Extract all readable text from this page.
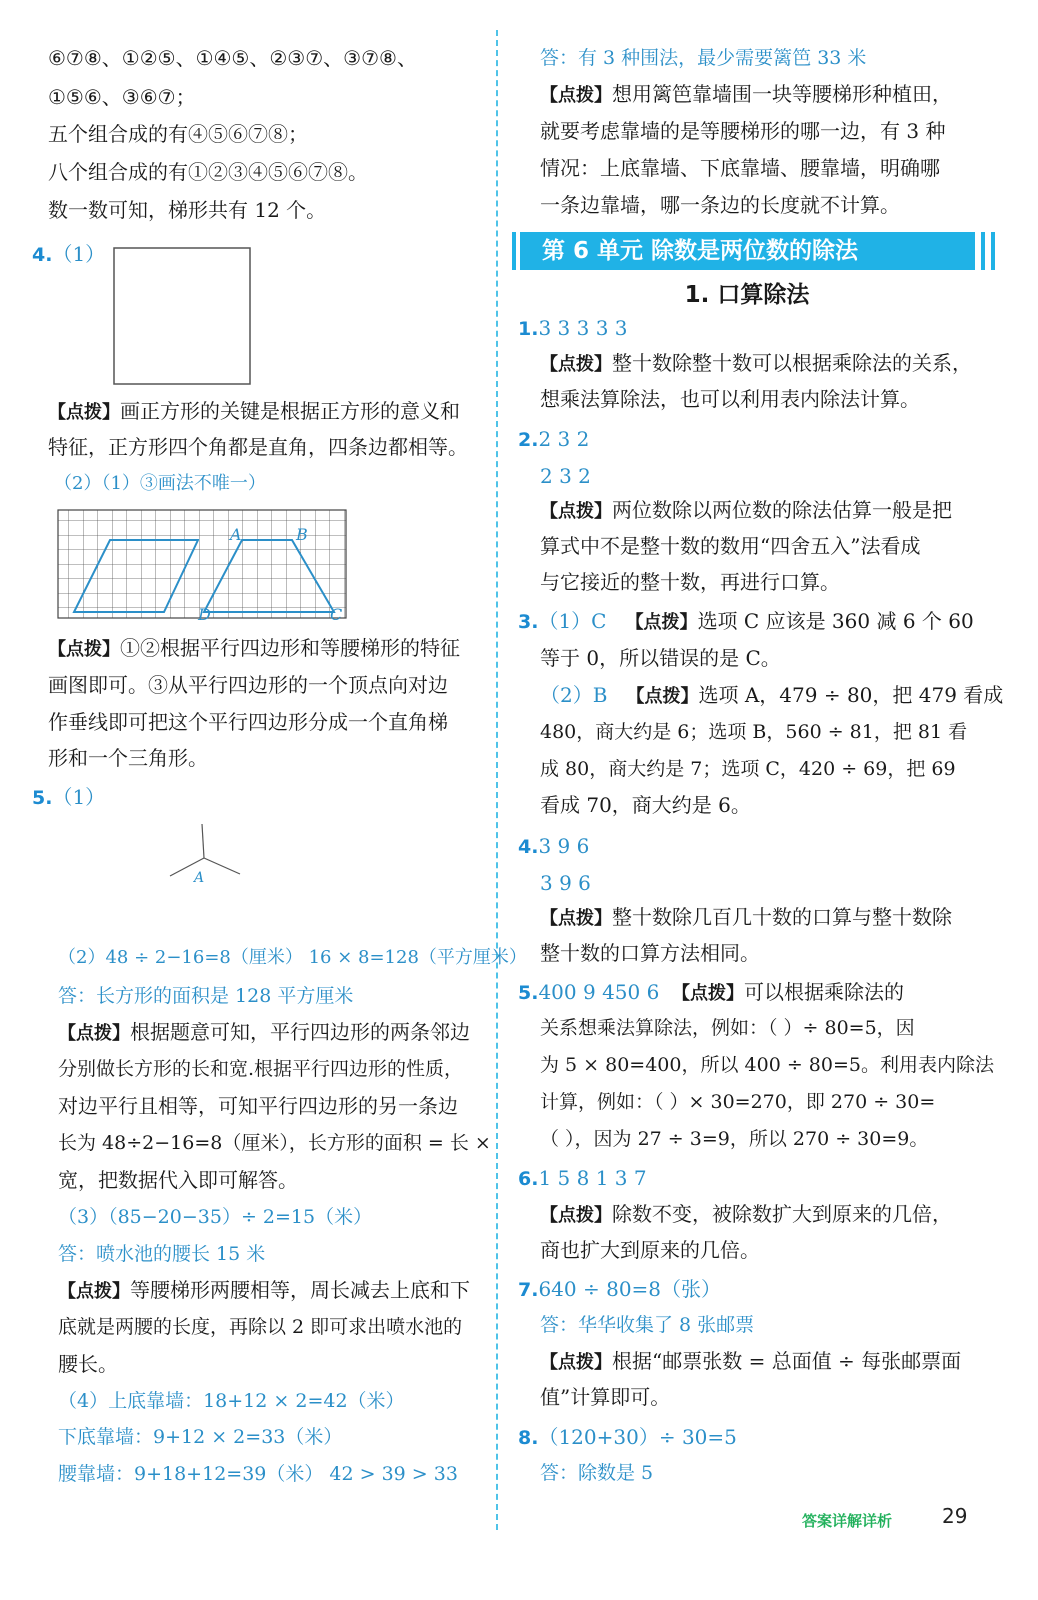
⑥⑦⑧、①②⑤、①④⑤、②③⑦、③⑦⑧、
①⑤⑥、③⑥⑦；
五个组合成的有④⑤⑥⑦⑧；
八个组合成的有①②③④⑤⑥⑦⑧。
数一数可知，梯形共有 12 个。
4.（1）
【点拨】画正方形的关键是根据正方形的意义和
特征，正方形四个角都是直角，四条边都相等。
（2）（1）③画法不唯一）
A	B
C
D
【点拨】①②根据平行四边形和等腰梯形的特征
画图即可。③从平行四边形的一个顶点向对边
作垂线即可把这个平行四边形分成一个直角梯
形和一个三角形。
5.（1）
A
（2）48 ÷ 2−16=8（厘米） 16 × 8=128（平方厘米）
答：长方形的面积是 128 平方厘米
【点拨】根据题意可知，平行四边形的两条邻边
分别做长方形的长和宽.根据平行四边形的性质，
对边平行且相等，可知平行四边形的另一条边
长为 48÷2−16=8（厘米），长方形的面积 = 长 ×
宽，把数据代入即可解答。
（3）（85−20−35）÷ 2=15（米）
答：喷水池的腰长 15 米
【点拨】等腰梯形两腰相等，周长减去上底和下
底就是两腰的长度，再除以 2 即可求出喷水池的
腰长。
（4）上底靠墙：18+12 × 2=42（米）
下底靠墙：9+12 × 2=33（米）
腰靠墙：9+18+12=39（米） 42 > 39 > 33
答：有 3 种围法，最少需要篱笆 33 米
【点拨】想用篱笆靠墙围一块等腰梯形种植田，
就要考虑靠墙的是等腰梯形的哪一边，有 3 种
情况：上底靠墙、下底靠墙、腰靠墙，明确哪
一条边靠墙，哪一条边的长度就不计算。
第 6 单元 除数是两位数的除法
1. 口算除法
1.3 3 3 3 3
【点拨】整十数除整十数可以根据乘除法的关系，
想乘法算除法，也可以利用表内除法计算。
2.2 3 2
2 3 2
【点拨】两位数除以两位数的除法估算一般是把
算式中不是整十数的数用“四舍五入”法看成
与它接近的整十数，再进行口算。
3.（1）C 【点拨】选项 C 应该是 360 减 6 个 60
等于 0，所以错误的是 C。
（2）B 【点拨】选项 A，479 ÷ 80，把 479 看成
480，商大约是 6；选项 B，560 ÷ 81，把 81 看
成 80，商大约是 7；选项 C，420 ÷ 69，把 69
看成 70，商大约是 6。
4.3 9 6
3 9 6
【点拨】整十数除几百几十数的口算与整十数除
整十数的口算方法相同。
5.400 9 450 6 【点拨】可以根据乘除法的
关系想乘法算除法，例如：（ ）÷ 80=5，因
为 5 × 80=400，所以 400 ÷ 80=5。利用表内除法
计算，例如：（ ）× 30=270，即 270 ÷ 30=
（ ），因为 27 ÷ 3=9，所以 270 ÷ 30=9。
6.1 5 8 1 3 7
【点拨】除数不变，被除数扩大到原来的几倍，
商也扩大到原来的几倍。
7.640 ÷ 80=8（张）
答：华华收集了 8 张邮票
【点拨】根据“邮票张数 = 总面值 ÷ 每张邮票面
值”计算即可。
8.（120+30）÷ 30=5
答：除数是 5
答案详解详析 29
